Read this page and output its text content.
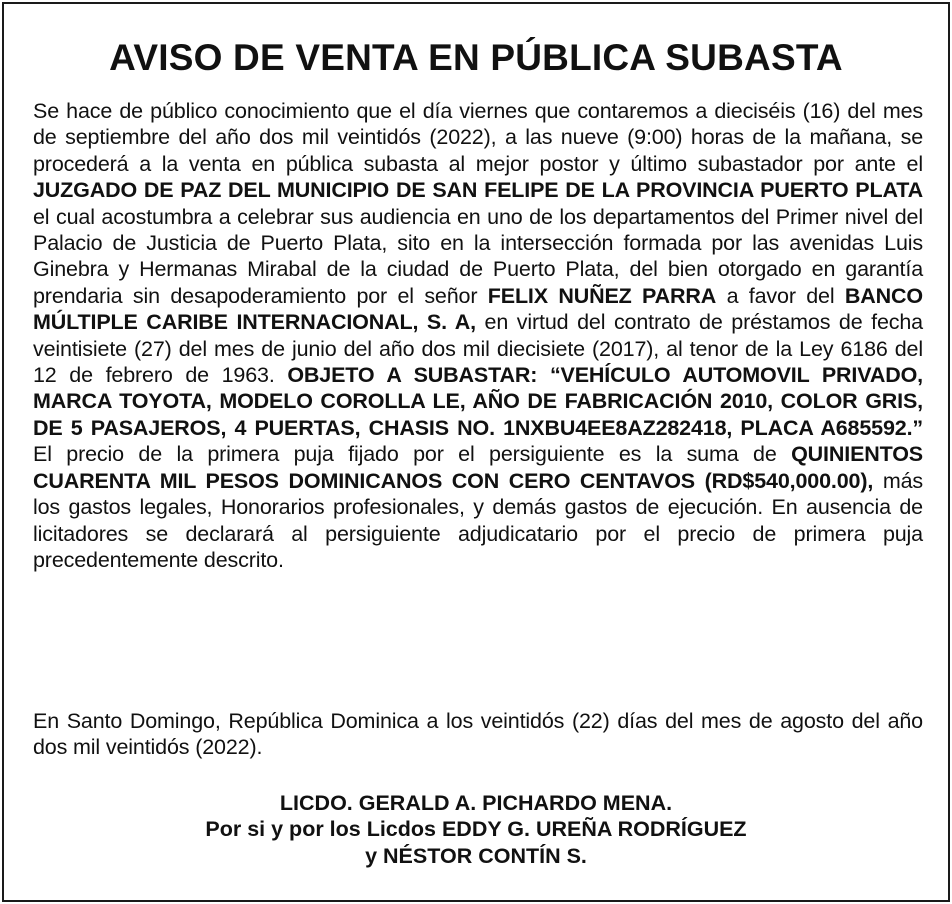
AVISO DE VENTA EN PÚBLICA SUBASTA

Se hace de público conocimiento que el día viernes que contaremos a dieciséis (16) del mes de septiembre del año dos mil veintidós (2022), a las nueve (9:00) horas de la mañana, se procederá a la venta en pública subasta al mejor postor y último subastador por ante el JUZGADO DE PAZ DEL MUNICIPIO DE SAN FELIPE DE LA PROVINCIA PUERTO PLATA el cual acostumbra a celebrar sus audiencia en uno de los departamentos del Primer nivel del Palacio de Justicia de Puerto Plata, sito en la intersección formada por las avenidas Luis Ginebra y Hermanas Mirabal de la ciudad de Puerto Plata, del bien otorgado en garantía prendaria sin desapoderamiento por el señor FELIX NUÑEZ PARRA a favor del BANCO MÚLTIPLE CARIBE INTERNACIONAL, S. A, en virtud del contrato de préstamos de fecha veintisiete (27) del mes de junio del año dos mil diecisiete (2017), al tenor de la Ley 6186 del 12 de febrero de 1963. OBJETO A SUBASTAR: “VEHÍCULO AUTOMOVIL PRIVADO, MARCA TOYOTA, MODELO COROLLA LE, AÑO DE FABRICACIÓN 2010, COLOR GRIS, DE 5 PASAJEROS, 4 PUERTAS, CHASIS NO. 1NXBU4EE8AZ282418, PLACA A685592.” El precio de la primera puja fijado por el persiguiente es la suma de QUINIENTOS CUARENTA MIL PESOS DOMINICANOS CON CERO CENTAVOS (RD$540,000.00), más los gastos legales, Honorarios profesionales, y demás gastos de ejecución. En ausencia de licitadores se declarará al persiguiente adjudicatario por el precio de primera puja precedentemente descrito.

En Santo Domingo, República Dominica a los veintidós (22) días del mes de agosto del año dos mil veintidós (2022).

LICDO. GERALD A. PICHARDO MENA.
Por si y por los Licdos EDDY G. UREÑA RODRÍGUEZ
y NÉSTOR CONTÍN S.
